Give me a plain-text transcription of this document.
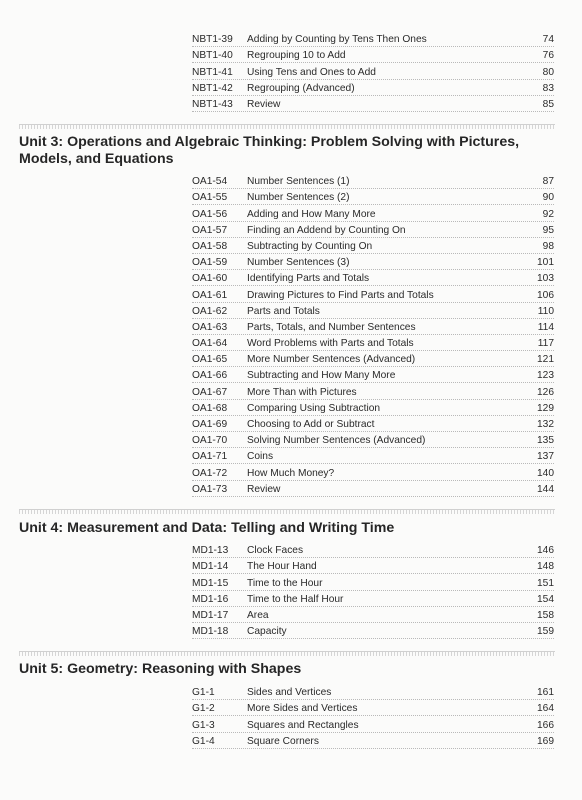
NBT1-39	Adding by Counting by Tens Then Ones	74
NBT1-40	Regrouping 10 to Add	76
NBT1-41	Using Tens and Ones to Add	80
NBT1-42	Regrouping (Advanced)	83
NBT1-43	Review	85
Unit 3: Operations and Algebraic Thinking: Problem Solving with Pictures, Models, and Equations
OA1-54	Number Sentences (1)	87
OA1-55	Number Sentences (2)	90
OA1-56	Adding and How Many More	92
OA1-57	Finding an Addend by Counting On	95
OA1-58	Subtracting by Counting On	98
OA1-59	Number Sentences (3)	101
OA1-60	Identifying Parts and Totals	103
OA1-61	Drawing Pictures to Find Parts and Totals	106
OA1-62	Parts and Totals	110
OA1-63	Parts, Totals, and Number Sentences	114
OA1-64	Word Problems with Parts and Totals	117
OA1-65	More Number Sentences (Advanced)	121
OA1-66	Subtracting and How Many More	123
OA1-67	More Than with Pictures	126
OA1-68	Comparing Using Subtraction	129
OA1-69	Choosing to Add or Subtract	132
OA1-70	Solving Number Sentences (Advanced)	135
OA1-71	Coins	137
OA1-72	How Much Money?	140
OA1-73	Review	144
Unit 4: Measurement and Data: Telling and Writing Time
MD1-13	Clock Faces	146
MD1-14	The Hour Hand	148
MD1-15	Time to the Hour	151
MD1-16	Time to the Half Hour	154
MD1-17	Area	158
MD1-18	Capacity	159
Unit 5: Geometry: Reasoning with Shapes
G1-1	Sides and Vertices	161
G1-2	More Sides and Vertices	164
G1-3	Squares and Rectangles	166
G1-4	Square Corners	169
